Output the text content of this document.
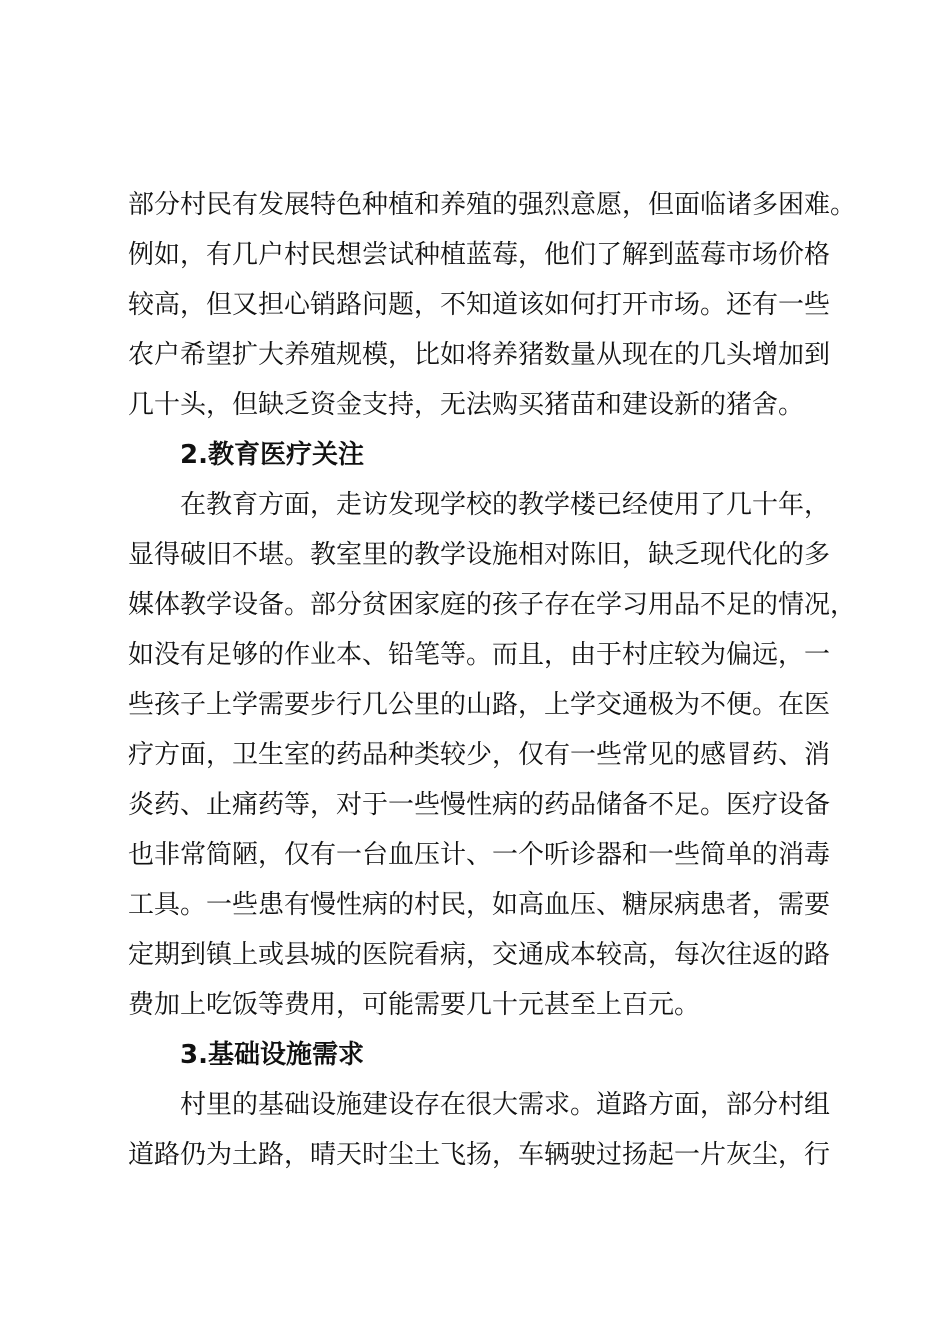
部分村民有发展特色种植和养殖的强烈意愿，但面临诸多困难。
例如，有几户村民想尝试种植蓝莓，他们了解到蓝莓市场价格
较高，但又担心销路问题，不知道该如何打开市场。还有一些
农户希望扩大养殖规模，比如将养猪数量从现在的几头增加到
几十头，但缺乏资金支持，无法购买猪苗和建设新的猪舍。
2.教育医疗关注
在教育方面，走访发现学校的教学楼已经使用了几十年，
显得破旧不堪。教室里的教学设施相对陈旧，缺乏现代化的多
媒体教学设备。部分贫困家庭的孩子存在学习用品不足的情况，
如没有足够的作业本、铅笔等。而且，由于村庄较为偏远，一
些孩子上学需要步行几公里的山路，上学交通极为不便。在医
疗方面，卫生室的药品种类较少，仅有一些常见的感冒药、消
炎药、止痛药等，对于一些慢性病的药品储备不足。医疗设备
也非常简陋，仅有一台血压计、一个听诊器和一些简单的消毒
工具。一些患有慢性病的村民，如高血压、糖尿病患者，需要
定期到镇上或县城的医院看病，交通成本较高，每次往返的路
费加上吃饭等费用，可能需要几十元甚至上百元。
3.基础设施需求
村里的基础设施建设存在很大需求。道路方面，部分村组
道路仍为土路，晴天时尘土飞扬，车辆驶过扬起一片灰尘，行
